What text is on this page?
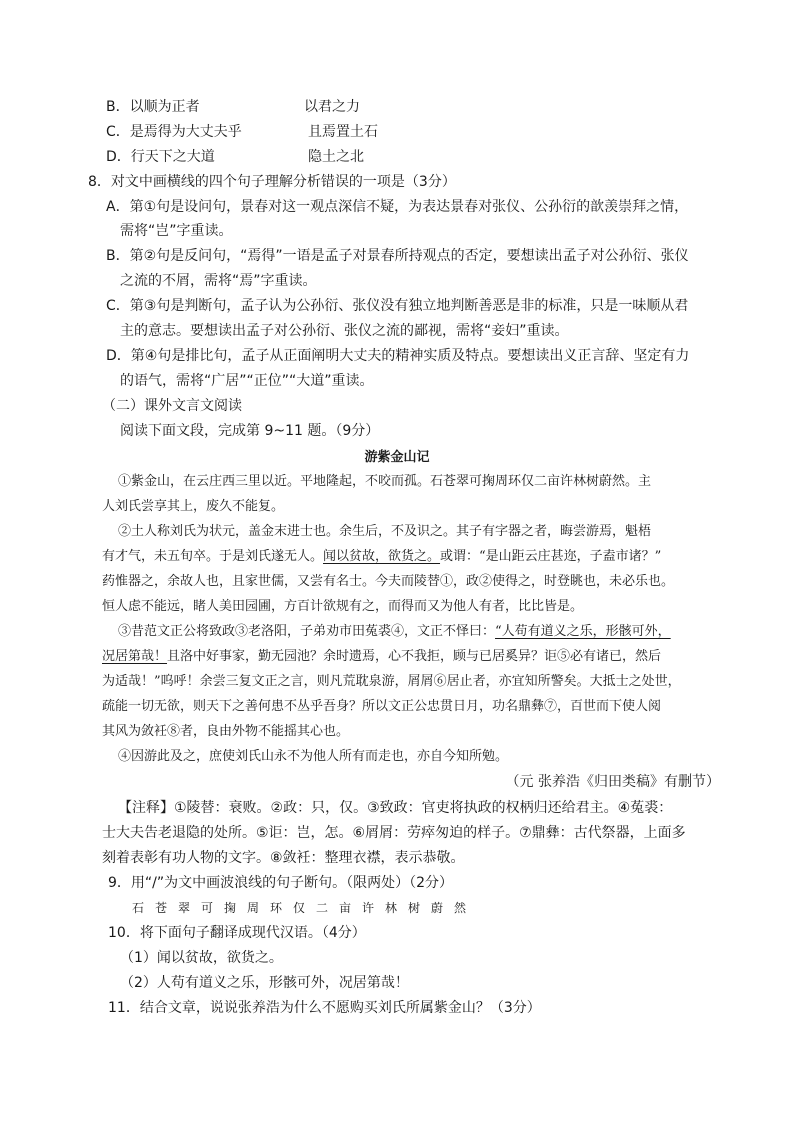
B．以顺为正者	以君之力
C．是焉得为大丈夫乎	且焉置土石
D．行天下之大道	隐土之北
8．对文中画横线的四个句子理解分析错误的一项是（3分）
A．第①句是设问句，景春对这一观点深信不疑，为表达景春对张仪、公孙衍的歆羡崇拜之情，
需将“岂”字重读。
B．第②句是反问句，“焉得”一语是孟子对景春所持观点的否定，要想读出孟子对公孙衍、张仪
之流的不屑，需将“焉”字重读。
C．第③句是判断句，孟子认为公孙衍、张仪没有独立地判断善恶是非的标准，只是一味顺从君
主的意志。要想读出孟子对公孙衍、张仪之流的鄙视，需将“妾妇”重读。
D．第④句是排比句，孟子从正面阐明大丈夫的精神实质及特点。要想读出义正言辞、坚定有力
的语气，需将“广居”“正位”“大道”重读。
（二）课外文言文阅读
阅读下面文段，完成第 9~11 题。（9分）
游紫金山记
①紫金山，在云庄西三里以近。平地隆起，不咬而孤。石苍翠可掬周环仅二亩许林树蔚然。主
人刘氏尝享其上，废久不能复。
②土人称刘氏为状元，盖金末进士也。余生后，不及识之。其子有字器之者，晦尝游焉，魁梧
有才气，未五旬卒。于是刘氏遂无人。闻以贫故，欲货之。或谓：“是山距云庄甚迩，子盍市诸？”
药惟器之，余故人也，且家世儒，又尝有名士。今夫而陵替①，政②使得之，时登眺也，未必乐也。
恒人虑不能远，睹人美田园圃，方百计欲规有之，而得而又为他人有者，比比皆是。
③昔范文正公将致政③老洛阳，子弟劝市田菟裘④，文正不怿曰：“人苟有道义之乐，形骸可外，
况居第哉！且洛中好事家，勤无园池？余时遗焉，心不我拒，顾与已居奚异？讵⑤必有诸已，然后
为适哉！”呜呼！余尝三复文正之言，则凡荒耽泉游，屑屑⑥居止者，亦宜知所警矣。大抵士之处世，
疏能一切无欲，则天下之善何患不丛乎吾身？所以文正公忠贯日月，功名鼎彝⑦，百世而下使人阅
其风为敛衽⑧者，良由外物不能摇其心也。
④因游此及之，庶使刘氏山永不为他人所有而走也，亦自今知所勉。
（元 张养浩《归田类稿》有删节）
【注释】①陵替：衰败。②政：只，仅。③致政：官吏将执政的权柄归还给君主。④菟裘：
士大夫告老退隐的处所。⑤讵：岂，怎。⑥屑屑：劳瘁匆迫的样子。⑦鼎彝：古代祭器，上面多
刻着表彰有功人物的文字。⑧敛衽：整理衣襟，表示恭敬。
9．用“/”为文中画波浪线的句子断句。（限两处）（2分）
石苍翠可掬周环仅二亩许林树蔚然
10．将下面句子翻译成现代汉语。（4分）
（1）闻以贫故，欲货之。
（2）人苟有道义之乐，形骸可外，况居第哉！
11．结合文章，说说张养浩为什么不愿购买刘氏所属紫金山？（3分）
